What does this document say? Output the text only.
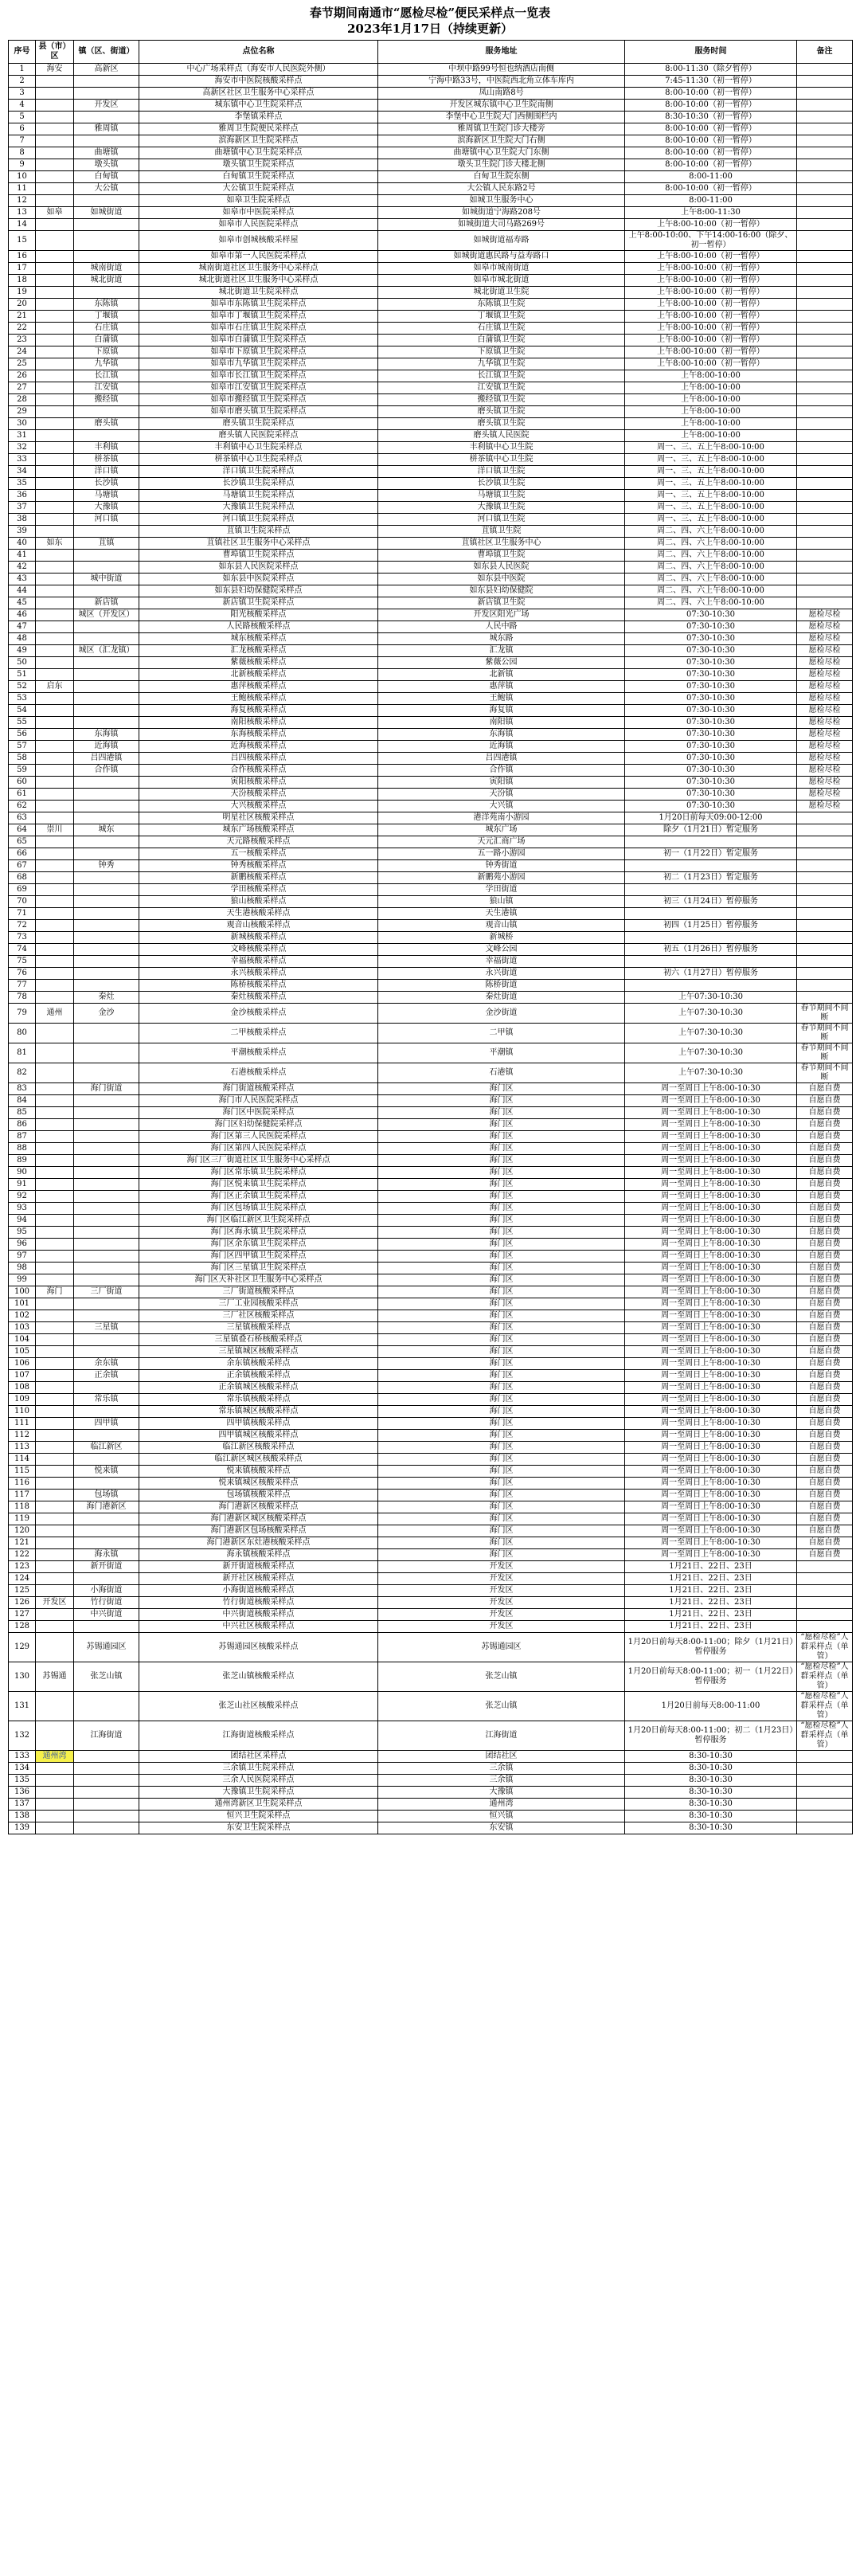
春节期间南通市“愿检尽检”便民采样点一览表

2023年1月17日（持续更新）

序号	县（市）区	镇（区、街道）	点位名称	服务地址	服务时间	备注
1	海安	高新区	中心广场采样点（海安市人民医院外侧）	中坝中路99号恒也纳酒店南侧	8:00-11:30（除夕暂停）	
2			海安市中医院核酸采样点	宁海中路33号，中医院西北角立体车库内	7:45-11:30（初一暂停）	
3			高新区社区卫生服务中心采样点	凤山南路8号	8:00-10:00（初一暂停）	
4		开发区	城东镇中心卫生院采样点	开发区城东镇中心卫生院南侧	8:00-10:00（初一暂停）	
5			李堡镇采样点	李堡中心卫生院大门西侧围栏内	8:30-10:30（初一暂停）	
6		雅周镇	雅周卫生院便民采样点	雅周镇卫生院门诊大楼旁	8:00-10:00（初一暂停）	
7			滨海新区卫生院采样点	滨海新区卫生院大门右侧	8:00-10:00（初一暂停）	
8		曲塘镇	曲塘镇中心卫生院采样点	曲塘镇中心卫生院大门东侧	8:00-10:00（初一暂停）	
9		墩头镇	墩头镇卫生院采样点	墩头卫生院门诊大楼北侧	8:00-10:00（初一暂停）	
10		白甸镇	白甸镇卫生院采样点	白甸卫生院东侧	8:00-11:00	
11		大公镇	大公镇卫生院采样点	大公镇人民东路2号	8:00-10:00（初一暂停）	
12			如皋卫生院采样点	如城卫生服务中心	8:00-11:00	
13	如皋	如城街道	如皋市中医院采样点	如城街道宁海路208号	上午8:00-11:30	
14			如皋市人民医院采样点	如城街道大司马路269号	上午8:00-10:00（初一暂停）	
15			如皋市创城核酸采样屋	如城街道福寿路	上午8:00-10:00、下午14:00-16:00（除夕、初一暂停）	
16			如皋市第一人民医院采样点	如城街道惠民路与益寿路口	上午8:00-10:00（初一暂停）	
17		城南街道	城南街道社区卫生服务中心采样点	如皋市城南街道	上午8:00-10:00（初一暂停）	
18		城北街道	城北街道社区卫生服务中心采样点	如皋市城北街道	上午8:00-10:00（初一暂停）	
19			城北街道卫生院采样点	城北街道卫生院	上午8:00-10:00（初一暂停）	
20		东陈镇	如皋市东陈镇卫生院采样点	东陈镇卫生院	上午8:00-10:00（初一暂停）	
21		丁堰镇	如皋市丁堰镇卫生院采样点	丁堰镇卫生院	上午8:00-10:00（初一暂停）	
22		石庄镇	如皋市石庄镇卫生院采样点	石庄镇卫生院	上午8:00-10:00（初一暂停）	
23		白蒲镇	如皋市白蒲镇卫生院采样点	白蒲镇卫生院	上午8:00-10:00（初一暂停）	
24		下原镇	如皋市下原镇卫生院采样点	下原镇卫生院	上午8:00-10:00（初一暂停）	
25		九华镇	如皋市九华镇卫生院采样点	九华镇卫生院	上午8:00-10:00（初一暂停）	
26		长江镇	如皋市长江镇卫生院采样点	长江镇卫生院	上午8:00-10:00	
27		江安镇	如皋市江安镇卫生院采样点	江安镇卫生院	上午8:00-10:00	
28		搬经镇	如皋市搬经镇卫生院采样点	搬经镇卫生院	上午8:00-10:00	
29			如皋市磨头镇卫生院采样点	磨头镇卫生院	上午8:00-10:00	
30		磨头镇	磨头镇卫生院采样点	磨头镇卫生院	上午8:00-10:00	
31			磨头镇人民医院采样点	磨头镇人民医院	上午8:00-10:00	
32		丰利镇	丰利镇中心卫生院采样点	丰利镇中心卫生院	周一、三、五上午8:00-10:00	
33		栟茶镇	栟茶镇中心卫生院采样点	栟茶镇中心卫生院	周一、三、五上午8:00-10:00	
34		洋口镇	洋口镇卫生院采样点	洋口镇卫生院	周一、三、五上午8:00-10:00	
35		长沙镇	长沙镇卫生院采样点	长沙镇卫生院	周一、三、五上午8:00-10:00	
36		马塘镇	马塘镇卫生院采样点	马塘镇卫生院	周一、三、五上午8:00-10:00	
37		大豫镇	大豫镇卫生院采样点	大豫镇卫生院	周一、三、五上午8:00-10:00	
38		河口镇	河口镇卫生院采样点	河口镇卫生院	周一、三、五上午8:00-10:00	
39			苴镇卫生院采样点	苴镇卫生院	周二、四、六上午8:00-10:00	
40	如东	苴镇	苴镇社区卫生服务中心采样点	苴镇社区卫生服务中心	周二、四、六上午8:00-10:00	
41			曹埠镇卫生院采样点	曹埠镇卫生院	周二、四、六上午8:00-10:00	
42			如东县人民医院采样点	如东县人民医院	周二、四、六上午8:00-10:00	
43		城中街道	如东县中医院采样点	如东县中医院	周二、四、六上午8:00-10:00	
44			如东县妇幼保健院采样点	如东县妇幼保健院	周二、四、六上午8:00-10:00	
45		新店镇	新店镇卫生院采样点	新店镇卫生院	周二、四、六上午8:00-10:00	
46		城区（开发区）	阳光核酸采样点	开发区阳光广场	07:30-10:30	愿检尽检
47			人民路核酸采样点	人民中路	07:30-10:30	愿检尽检
48			城东核酸采样点	城东路	07:30-10:30	愿检尽检
49		城区（汇龙镇）	汇龙核酸采样点	汇龙镇	07:30-10:30	愿检尽检
50			紫薇核酸采样点	紫薇公园	07:30-10:30	愿检尽检
51			北新核酸采样点	北新镇	07:30-10:30	愿检尽检
52	启东		惠萍核酸采样点	惠萍镇	07:30-10:30	愿检尽检
53			王鲍核酸采样点	王鲍镇	07:30-10:30	愿检尽检
54			海复核酸采样点	海复镇	07:30-10:30	愿检尽检
55			南阳核酸采样点	南阳镇	07:30-10:30	愿检尽检
56		东海镇	东海核酸采样点	东海镇	07:30-10:30	愿检尽检
57		近海镇	近海核酸采样点	近海镇	07:30-10:30	愿检尽检
58		吕四港镇	吕四核酸采样点	吕四港镇	07:30-10:30	愿检尽检
59		合作镇	合作核酸采样点	合作镇	07:30-10:30	愿检尽检
60			寅阳核酸采样点	寅阳镇	07:30-10:30	愿检尽检
61			天汾核酸采样点	天汾镇	07:30-10:30	愿检尽检
62			大兴核酸采样点	大兴镇	07:30-10:30	愿检尽检
63			明星社区核酸采样点	港洋苑南小游园	1月20日前每天09:00-12:00	
64	崇川	城东	城东广场核酸采样点	城东广场	除夕（1月21日）暂定服务	
65			天元路核酸采样点	天元汇商广场		
66			五一核酸采样点	五一路小游园	初一（1月22日）暂定服务	
67		钟秀	钟秀核酸采样点	钟秀街道		
68			新鹏核酸采样点	新鹏苑小游园	初二（1月23日）暂定服务	
69			学田核酸采样点	学田街道		
70			狼山核酸采样点	狼山镇	初三（1月24日）暂停服务	
71			天生港核酸采样点	天生港镇		
72			观音山核酸采样点	观音山镇	初四（1月25日）暂停服务	
73			新城核酸采样点	新城桥		
74			文峰核酸采样点	文峰公园	初五（1月26日）暂停服务	
75			幸福核酸采样点	幸福街道		
76			永兴核酸采样点	永兴街道	初六（1月27日）暂停服务	
77			陈桥核酸采样点	陈桥街道		
78		秦灶	秦灶核酸采样点	秦灶街道	上午07:30-10:30	
79	通州	金沙	金沙核酸采样点	金沙街道	上午07:30-10:30	春节期间不间断
80			二甲核酸采样点	二甲镇	上午07:30-10:30	春节期间不间断
81			平潮核酸采样点	平潮镇	上午07:30-10:30	春节期间不间断
82			石港核酸采样点	石港镇	上午07:30-10:30	春节期间不间断
83		海门街道	海门街道核酸采样点	海门区	周一至周日上午8:00-10:30	自愿自费
84			海门市人民医院采样点	海门区	周一至周日上午8:00-10:30	自愿自费
85			海门区中医院采样点	海门区	周一至周日上午8:00-10:30	自愿自费
86			海门区妇幼保健院采样点	海门区	周一至周日上午8:00-10:30	自愿自费
87			海门区第三人民医院采样点	海门区	周一至周日上午8:00-10:30	自愿自费
88			海门区第四人民医院采样点	海门区	周一至周日上午8:00-10:30	自愿自费
89			海门区三厂街道社区卫生服务中心采样点	海门区	周一至周日上午8:00-10:30	自愿自费
90			海门区常乐镇卫生院采样点	海门区	周一至周日上午8:00-10:30	自愿自费
91			海门区悦来镇卫生院采样点	海门区	周一至周日上午8:00-10:30	自愿自费
92			海门区正余镇卫生院采样点	海门区	周一至周日上午8:00-10:30	自愿自费
93			海门区包场镇卫生院采样点	海门区	周一至周日上午8:00-10:30	自愿自费
94			海门区临江新区卫生院采样点	海门区	周一至周日上午8:00-10:30	自愿自费
95			海门区海永镇卫生院采样点	海门区	周一至周日上午8:00-10:30	自愿自费
96			海门区余东镇卫生院采样点	海门区	周一至周日上午8:00-10:30	自愿自费
97			海门区四甲镇卫生院采样点	海门区	周一至周日上午8:00-10:30	自愿自费
98			海门区三星镇卫生院采样点	海门区	周一至周日上午8:00-10:30	自愿自费
99			海门区天补社区卫生服务中心采样点	海门区	周一至周日上午8:00-10:30	自愿自费
100	海门	三厂街道	三厂街道核酸采样点	海门区	周一至周日上午8:00-10:30	自愿自费
101			三厂工业园核酸采样点	海门区	周一至周日上午8:00-10:30	自愿自费
102			三厂社区核酸采样点	海门区	周一至周日上午8:00-10:30	自愿自费
103		三星镇	三星镇核酸采样点	海门区	周一至周日上午8:00-10:30	自愿自费
104			三星镇叠石桥核酸采样点	海门区	周一至周日上午8:00-10:30	自愿自费
105			三星镇城区核酸采样点	海门区	周一至周日上午8:00-10:30	自愿自费
106		余东镇	余东镇核酸采样点	海门区	周一至周日上午8:00-10:30	自愿自费
107		正余镇	正余镇核酸采样点	海门区	周一至周日上午8:00-10:30	自愿自费
108			正余镇城区核酸采样点	海门区	周一至周日上午8:00-10:30	自愿自费
109		常乐镇	常乐镇核酸采样点	海门区	周一至周日上午8:00-10:30	自愿自费
110			常乐镇城区核酸采样点	海门区	周一至周日上午8:00-10:30	自愿自费
111		四甲镇	四甲镇核酸采样点	海门区	周一至周日上午8:00-10:30	自愿自费
112			四甲镇城区核酸采样点	海门区	周一至周日上午8:00-10:30	自愿自费
113		临江新区	临江新区核酸采样点	海门区	周一至周日上午8:00-10:30	自愿自费
114			临江新区城区核酸采样点	海门区	周一至周日上午8:00-10:30	自愿自费
115		悦来镇	悦来镇核酸采样点	海门区	周一至周日上午8:00-10:30	自愿自费
116			悦来镇城区核酸采样点	海门区	周一至周日上午8:00-10:30	自愿自费
117		包场镇	包场镇核酸采样点	海门区	周一至周日上午8:00-10:30	自愿自费
118		海门港新区	海门港新区核酸采样点	海门区	周一至周日上午8:00-10:30	自愿自费
119			海门港新区城区核酸采样点	海门区	周一至周日上午8:00-10:30	自愿自费
120			海门港新区包场核酸采样点	海门区	周一至周日上午8:00-10:30	自愿自费
121			海门港新区东灶港核酸采样点	海门区	周一至周日上午8:00-10:30	自愿自费
122		海永镇	海永镇核酸采样点	海门区	周一至周日上午8:00-10:30	自愿自费
123		新开街道	新开街道核酸采样点	开发区	1月21日、22日、23日	
124			新开社区核酸采样点	开发区	1月21日、22日、23日	
125		小海街道	小海街道核酸采样点	开发区	1月21日、22日、23日	
126	开发区	竹行街道	竹行街道核酸采样点	开发区	1月21日、22日、23日	
127		中兴街道	中兴街道核酸采样点	开发区	1月21日、22日、23日	
128			中兴社区核酸采样点	开发区	1月21日、22日、23日	
129		苏锡通园区	苏锡通园区核酸采样点	苏锡通园区	1月20日前每天8:00-11:00；除夕（1月21日）暂停服务	“愿检尽检”人群采样点（单管）
130	苏锡通	张芝山镇	张芝山镇核酸采样点	张芝山镇	1月20日前每天8:00-11:00；初一（1月22日）暂停服务	“愿检尽检”人群采样点（单管）
131			张芝山社区核酸采样点	张芝山镇	1月20日前每天8:00-11:00	“愿检尽检”人群采样点（单管）
132		江海街道	江海街道核酸采样点	江海街道	1月20日前每天8:00-11:00；初二（1月23日）暂停服务	“愿检尽检”人群采样点（单管）
133	通州湾		团结社区采样点	团结社区	8:30-10:30	
134			三余镇卫生院采样点	三余镇	8:30-10:30	
135			三余人民医院采样点	三余镇	8:30-10:30	
136			大豫镇卫生院采样点	大豫镇	8:30-10:30	
137			通州湾新区卫生院采样点	通州湾	8:30-10:30	
138			恒兴卫生院采样点	恒兴镇	8:30-10:30	
139			东安卫生院采样点	东安镇	8:30-10:30	
